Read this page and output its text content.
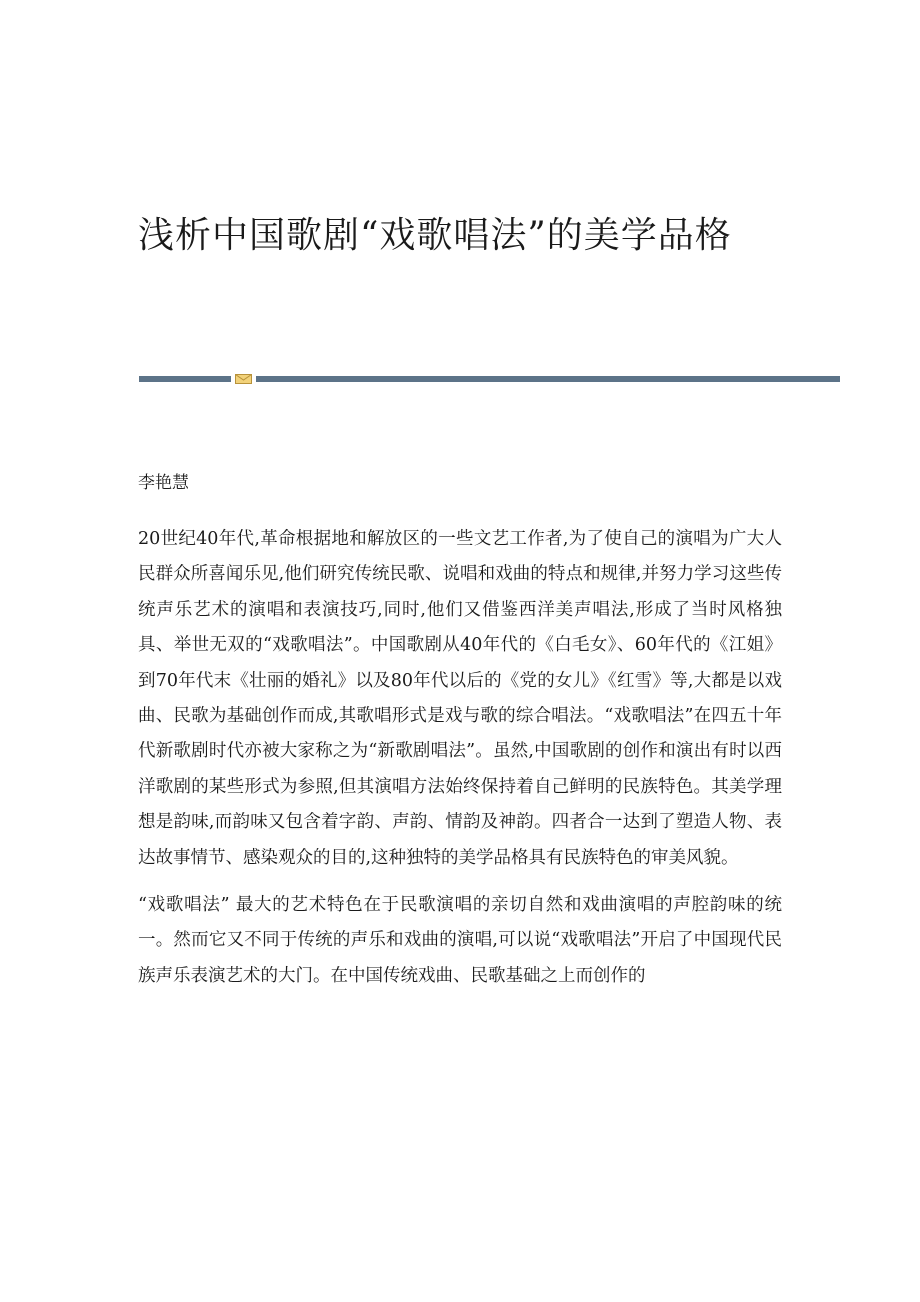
浅析中国歌剧“戏歌唱法”的美学品格

李艳慧

20世纪40年代,革命根据地和解放区的一些文艺工作者,为了使自己的演唱为广大人民群众所喜闻乐见,他们研究传统民歌、说唱和戏曲的特点和规律,并努力学习这些传统声乐艺术的演唱和表演技巧,同时,他们又借鉴西洋美声唱法,形成了当时风格独具、举世无双的“戏歌唱法”。中国歌剧从40年代的《白毛女》、60年代的《江姐》到70年代末《壮丽的婚礼》以及80年代以后的《党的女儿》《红雪》等,大都是以戏曲、民歌为基础创作而成,其歌唱形式是戏与歌的综合唱法。“戏歌唱法”在四五十年代新歌剧时代亦被大家称之为“新歌剧唱法”。虽然,中国歌剧的创作和演出有时以西洋歌剧的某些形式为参照,但其演唱方法始终保持着自己鲜明的民族特色。其美学理想是韵味,而韵味又包含着字韵、声韵、情韵及神韵。四者合一达到了塑造人物、表达故事情节、感染观众的目的,这种独特的美学品格具有民族特色的审美风貌。

“戏歌唱法” 最大的艺术特色在于民歌演唱的亲切自然和戏曲演唱的声腔韵味的统一。然而它又不同于传统的声乐和戏曲的演唱,可以说“戏歌唱法”开启了中国现代民族声乐表演艺术的大门。在中国传统戏曲、民歌基础之上而创作的
